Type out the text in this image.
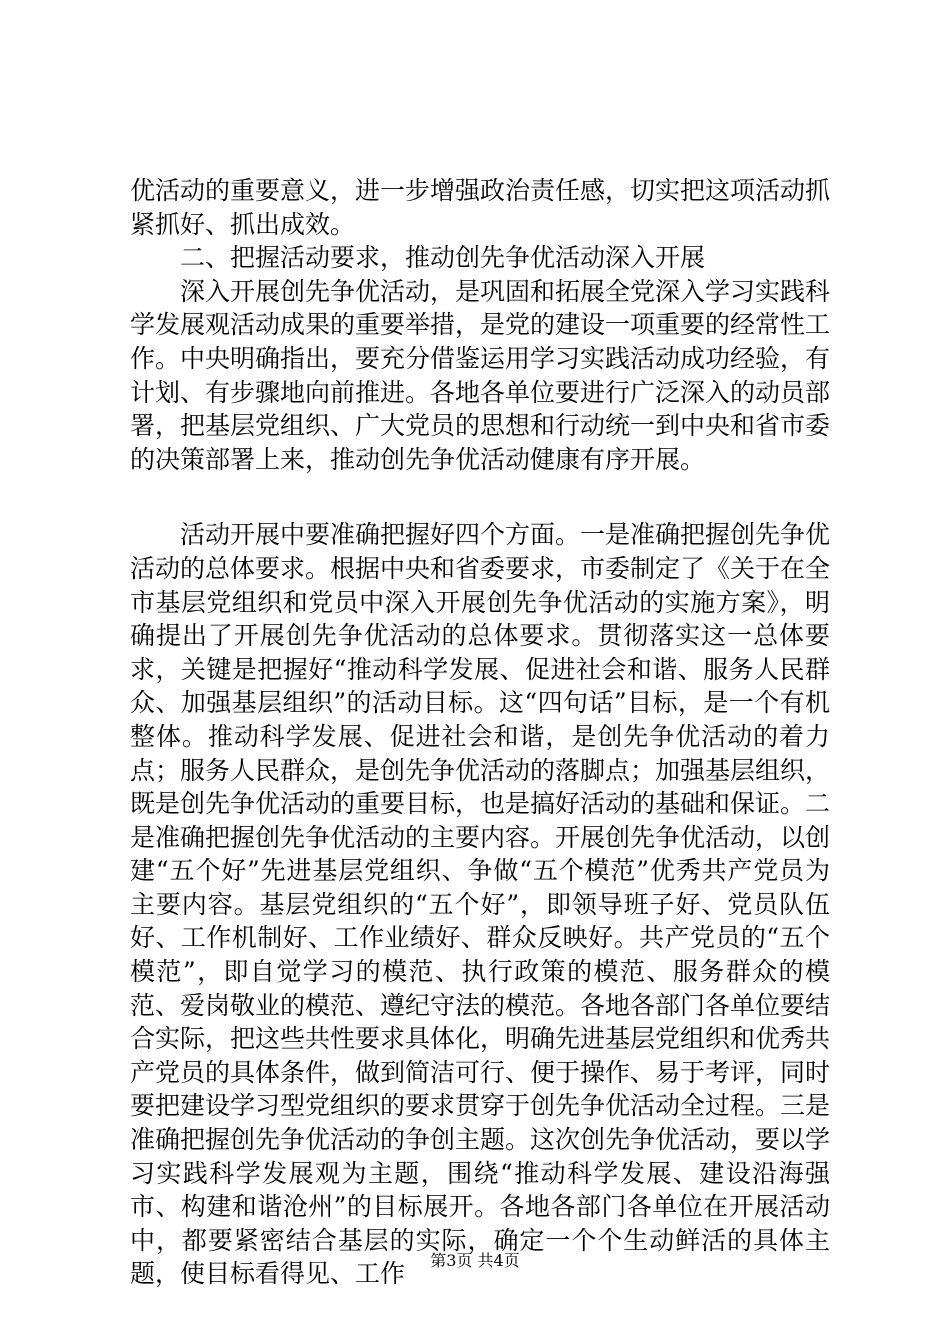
优活动的重要意义，进一步增强政治责任感，切实把这项活动抓紧抓好、抓出成效。

二、把握活动要求，推动创先争优活动深入开展

深入开展创先争优活动，是巩固和拓展全党深入学习实践科学发展观活动成果的重要举措，是党的建设一项重要的经常性工作。中央明确指出，要充分借鉴运用学习实践活动成功经验，有计划、有步骤地向前推进。各地各单位要进行广泛深入的动员部署，把基层党组织、广大党员的思想和行动统一到中央和省市委的决策部署上来，推动创先争优活动健康有序开展。

活动开展中要准确把握好四个方面。一是准确把握创先争优活动的总体要求。根据中央和省委要求，市委制定了《关于在全市基层党组织和党员中深入开展创先争优活动的实施方案》，明确提出了开展创先争优活动的总体要求。贯彻落实这一总体要求，关键是把握好“推动科学发展、促进社会和谐、服务人民群众、加强基层组织”的活动目标。这“四句话”目标，是一个有机整体。推动科学发展、促进社会和谐，是创先争优活动的着力点；服务人民群众，是创先争优活动的落脚点；加强基层组织，既是创先争优活动的重要目标，也是搞好活动的基础和保证。二是准确把握创先争优活动的主要内容。开展创先争优活动，以创建“五个好”先进基层党组织、争做“五个模范”优秀共产党员为主要内容。基层党组织的“五个好”，即领导班子好、党员队伍好、工作机制好、工作业绩好、群众反映好。共产党员的“五个模范”，即自觉学习的模范、执行政策的模范、服务群众的模范、爱岗敬业的模范、遵纪守法的模范。各地各部门各单位要结合实际，把这些共性要求具体化，明确先进基层党组织和优秀共产党员的具体条件，做到简洁可行、便于操作、易于考评，同时要把建设学习型党组织的要求贯穿于创先争优活动全过程。三是准确把握创先争优活动的争创主题。这次创先争优活动，要以学习实践科学发展观为主题，围绕“推动科学发展、建设沿海强市、构建和谐沧州”的目标展开。各地各部门各单位在开展活动中，都要紧密结合基层的实际，确定一个个生动鲜活的具体主题，使目标看得见、工作	第3页 共4页
